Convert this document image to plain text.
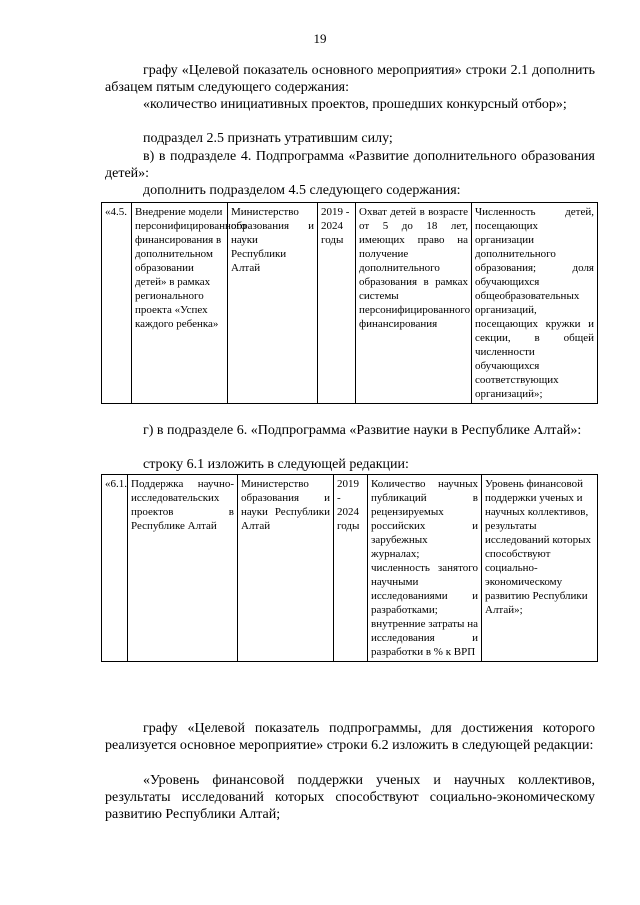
19

графу «Целевой показатель основного мероприятия» строки 2.1 дополнить абзацем пятым следующего содержания:

«количество инициативных проектов, прошедших конкурсный отбор»;

подраздел 2.5 признать утратившим силу;

в) в подразделе 4. Подпрограмма «Развитие дополнительного образования детей»:

дополнить подразделом 4.5 следующего содержания:

«4.5.	Внедрение модели персонифицированного финансирования в дополнительном образовании детей» в рамках регионального проекта «Успех каждого ребенка»	Министерство образования и науки Республики Алтай	2019 - 2024 годы	Охват детей в возрасте от 5 до 18 лет, имеющих право на получение дополнительного образования в рамках системы персонифицированного финансирования	Численность детей, посещающих организации дополнительного образования; доля обучающихся общеобразовательных организаций, посещающих кружки и секции, в общей численности обучающихся соответствующих организаций»;

г) в подразделе 6. «Подпрограмма «Развитие науки в Республике Алтай»:

строку 6.1 изложить в следующей редакции:

«6.1.	Поддержка научно-исследовательских проектов в Республике Алтай	Министерство образования и науки Республики Алтай	2019 - 2024 годы	Количество научных публикаций в рецензируемых российских и зарубежных журналах; численность занятого научными исследованиями и разработками; внутренние затраты на исследования и разработки в % к ВРП	Уровень финансовой поддержки ученых и научных коллективов, результаты исследований которых способствуют социально-экономическому развитию Республики Алтай»;

графу «Целевой показатель подпрограммы, для достижения которого реализуется основное мероприятие» строки 6.2 изложить в следующей редакции:

«Уровень финансовой поддержки ученых и научных коллективов, результаты исследований которых способствуют социально-экономическому развитию Республики Алтай;
